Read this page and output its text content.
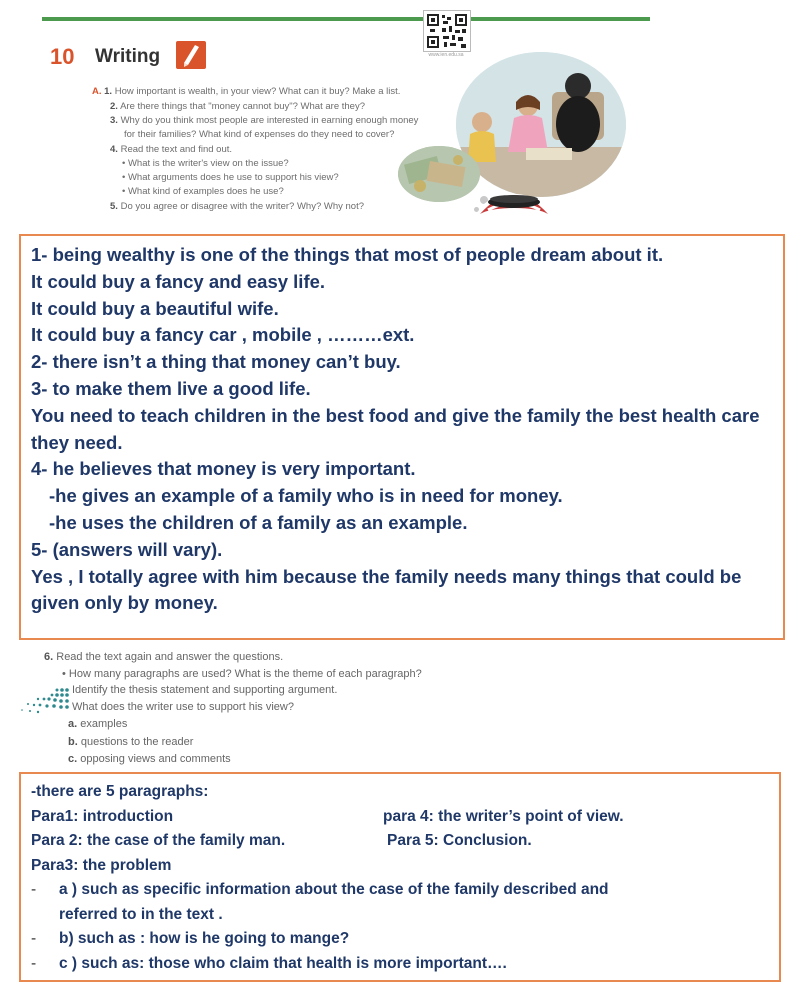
www.ien.edu.sa
10 Writing
A. 1. How important is wealth, in your view? What can it buy? Make a list.
2. Are there things that "money cannot buy"? What are they?
3. Why do you think most people are interested in earning enough money
for their families? What kind of expenses do they need to cover?
4. Read the text and find out.
• What is the writer's view on the issue?
• What arguments does he use to support his view?
• What kind of examples does he use?
5. Do you agree or disagree with the writer? Why? Why not?
1- being wealthy is one of the things that most of people dream about it.
It could buy a fancy and easy life.
It could buy a beautiful wife.
It could buy a fancy car , mobile , ………ext.
2- there isn’t a thing that money can’t buy.
3- to make them live a good life.
You need to teach children in the best food and give the family the best health care they need.
4- he believes that money is very important.
-he gives an example of a family who is in need for money.
-he uses the children of a family as an example.
5- (answers will vary).
Yes , I totally agree with him because the family needs many things that could be given only by money.
6. Read the text again and answer the questions.
• How many paragraphs are used? What is the theme of each paragraph?
Identify the thesis statement and supporting argument.
What does the writer use to support his view?
a. examples
b. questions to the reader
c. opposing views and comments
-there are 5 paragraphs:
Para1: introduction	para 4: the writer’s point of view.
Para 2: the case of the family man.	Para 5: Conclusion.
Para3: the problem
- a ) such as specific information about the case of the family described and
referred to in the text .
- b) such as : how is he going to mange?
- c ) such as: those who claim that health is more important….
